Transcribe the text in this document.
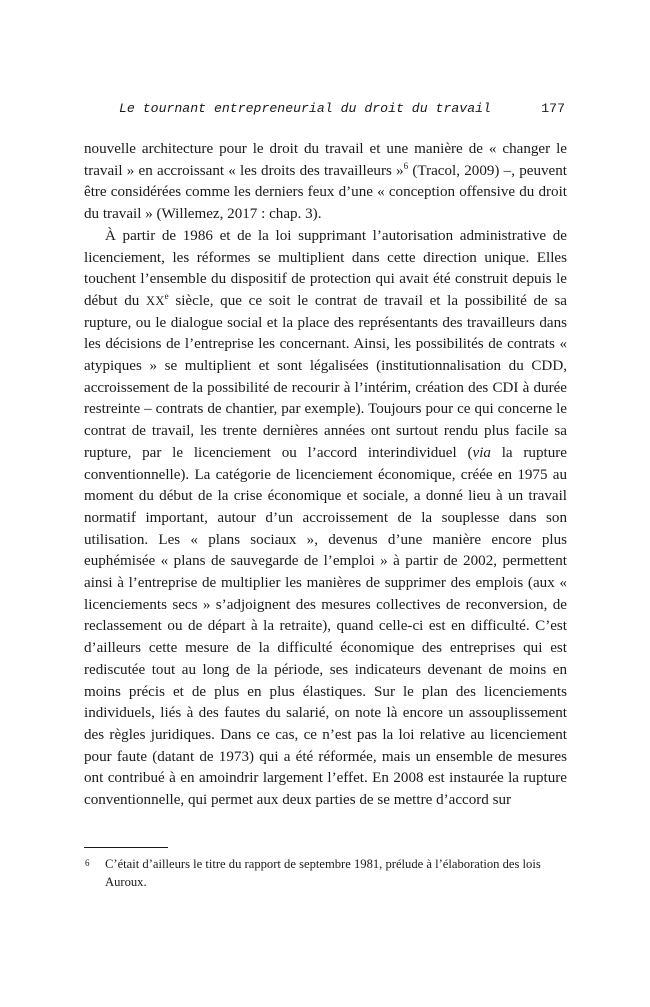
Le tournant entrepreneurial du droit du travail	177

nouvelle architecture pour le droit du travail et une manière de « changer le travail » en accroissant « les droits des travailleurs »$^6$ (Tracol, 2009) –, peuvent être considérées comme les derniers feux d’une « conception offensive du droit du travail » (Willemez, 2017 : chap. 3).

À partir de 1986 et de la loi supprimant l’autorisation administrative de licenciement, les réformes se multiplient dans cette direction unique. Elles touchent l’ensemble du dispositif de protection qui avait été construit depuis le début du XXe siècle, que ce soit le contrat de travail et la possibilité de sa rupture, ou le dialogue social et la place des représentants des travailleurs dans les décisions de l’entreprise les concernant. Ainsi, les possibilités de contrats « atypiques » se multiplient et sont légalisées (institutionnalisation du CDD, accroissement de la possibilité de recourir à l’intérim, création des CDI à durée restreinte – contrats de chantier, par exemple). Toujours pour ce qui concerne le contrat de travail, les trente dernières années ont surtout rendu plus facile sa rupture, par le licenciement ou l’accord interindividuel (via la rupture conventionnelle). La catégorie de licenciement économique, créée en 1975 au moment du début de la crise économique et sociale, a donné lieu à un travail normatif important, autour d’un accroissement de la souplesse dans son utilisation. Les « plans sociaux », devenus d’une manière encore plus euphémisée « plans de sauvegarde de l’emploi » à partir de 2002, permettent ainsi à l’entreprise de multiplier les manières de supprimer des emplois (aux « licenciements secs » s’adjoignent des mesures collectives de reconversion, de reclassement ou de départ à la retraite), quand celle-ci est en difficulté. C’est d’ailleurs cette mesure de la difficulté économique des entreprises qui est rediscutée tout au long de la période, ses indicateurs devenant de moins en moins précis et de plus en plus élastiques. Sur le plan des licenciements individuels, liés à des fautes du salarié, on note là encore un assouplissement des règles juridiques. Dans ce cas, ce n’est pas la loi relative au licenciement pour faute (datant de 1973) qui a été réformée, mais un ensemble de mesures ont contribué à en amoindrir largement l’effet. En 2008 est instaurée la rupture conventionnelle, qui permet aux deux parties de se mettre d’accord sur

6 C’était d’ailleurs le titre du rapport de septembre 1981, prélude à l’élaboration des lois Auroux.
